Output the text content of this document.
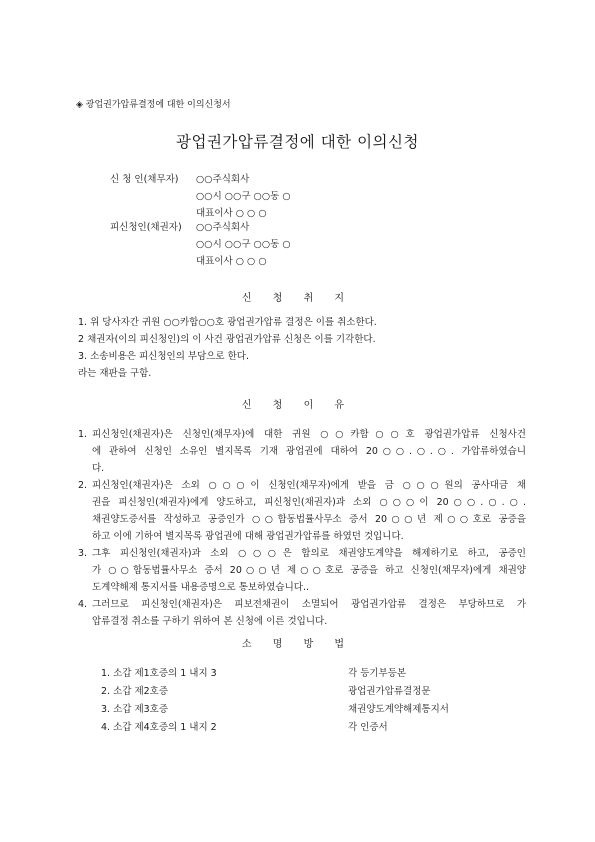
◈ 광업권가압류결정에 대한 이의신청서
광업권가압류결정에 대한 이의신청
신 청 인(채무자)	○○주식회사
○○시 ○○구 ○○동 ○
대표이사 ○ ○ ○
피신청인(채권자)	○○주식회사
○○시 ○○구 ○○동 ○
대표이사 ○ ○ ○
신 청 취 지
1. 위 당사자간 귀원 ○○카합○○호 광업권가압류 결정은 이를 취소한다.
2 채권자(이의 피신청인)의 이 사건 광업권가압류 신청은 이를 기각한다.
3. 소송비용은 피신청인의 부담으로 한다.
라는 재판을 구함.
신 청 이 유
1. 피신청인(채권자)은 신청인(채무자)에 대한 귀원 ○○카합○○호 광업권가압류 신청사건
에 관하여 신청인 소유인 별지목록 기재 광업권에 대하여 20○○.○.○. 가압류하였습니
다.
2. 피신청인(채권자)은 소외 ○○○이 신청인(채무자)에게 받을 금 ○○○원의 공사대금 채
권을 피신청인(채권자)에게 양도하고, 피신청인(채권자)과 소외 ○○○이 20○○.○.○.
채권양도증서를 작성하고 공증인가 ○○합동법률사무소 증서 20○○년 제○○호로 공증을
하고 이에 기하여 별지목록 광업권에 대해 광업권가압류를 하였던 것입니다.
3. 그후 피신청인(채권자)과 소외 ○○○은 합의로 채권양도계약을 해제하기로 하고, 공증인
가 ○○합동법률사무소 증서 20○○년 제○○호로 공증을 하고 신청인(채무자)에게 채권양
도계약해제 통지서를 내용증명으로 통보하였습니다..
4. 그러므로 피신청인(채권자)은 피보전채권이 소멸되어 광업권가압류 결정은 부당하므로 가
압류결정 취소를 구하기 위하여 본 신청에 이른 것입니다.
소 명 방 법
1. 소갑 제1호증의 1 내지 3	각 등기부등본
2. 소갑 제2호증	광업권가압류결정문
3. 소갑 제3호증	채권양도계약해제통지서
4. 소갑 제4호증의 1 내지 2	각 인증서
